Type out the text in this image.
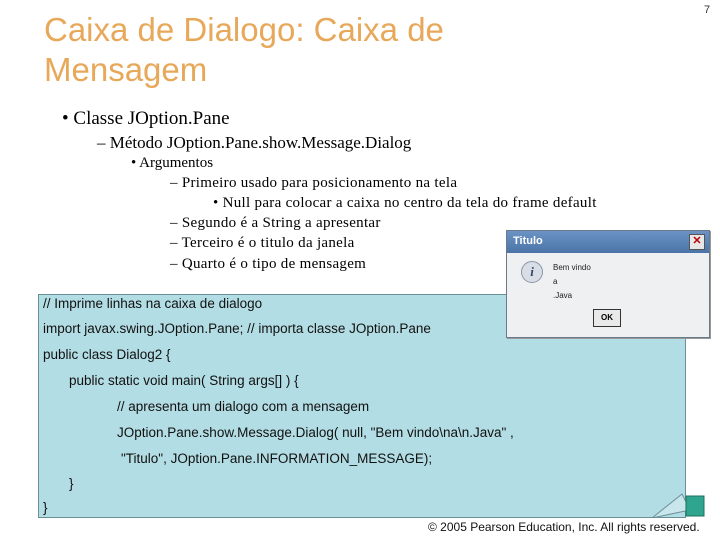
Caixa de Dialogo: Caixa de Mensagem
7
• Classe JOption.Pane
– Método JOption.Pane.show.Message.Dialog
• Argumentos
– Primeiro usado para posicionamento na tela
• Null para colocar a caixa no centro da tela do frame default
– Segundo é a String a apresentar
– Terceiro é o titulo da janela
– Quarto é o tipo de mensagem
// Imprime linhas na caixa de dialogo
import javax.swing.JOption.Pane; // importa classe JOption.Pane
public class Dialog2 {
public static void main( String args[] ) {
// apresenta um dialogo com a mensagem
JOption.Pane.show.Message.Dialog( null, "Bem vindo\na\n.Java" ,
"Titulo", JOption.Pane.INFORMATION_MESSAGE);
}
}
Titulo	✕
i	Bem vindo
a
.Java
OK
© 2005 Pearson Education, Inc. All rights reserved.
